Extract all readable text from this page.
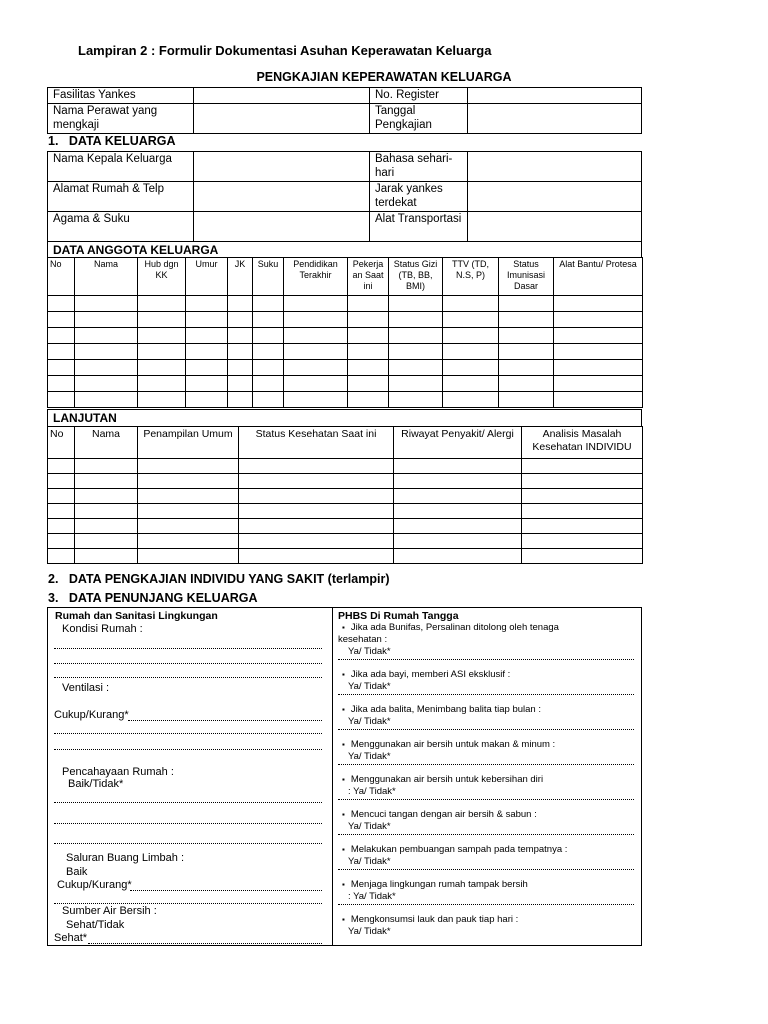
Lampiran 2 : Formulir Dokumentasi Asuhan Keperawatan Keluarga
PENGKAJIAN KEPERAWATAN KELUARGA
Fasilitas Yankes		No. Register	
Nama Perawat yang mengkaji		Tanggal Pengkajian	
1.   DATA KELUARGA
Nama Kepala Keluarga		Bahasa sehari-hari	
Alamat Rumah & Telp		Jarak yankes terdekat	
Agama & Suku		Alat Transportasi	
DATA ANGGOTA KELUARGA
No	Nama	Hub dgn KK	Umur	JK	Suku	Pendidikan Terakhir	Pekerja an Saat ini	Status Gizi (TB, BB, BMI)	TTV (TD, N.S, P)	Status Imunisasi Dasar	Alat Bantu/ Protesa

LANJUTAN
No	Nama	Penampilan Umum	Status Kesehatan Saat ini	Riwayat Penyakit/ Alergi	Analisis Masalah Kesehatan INDIVIDU

2.   DATA PENGKAJIAN INDIVIDU YANG SAKIT (terlampir)
3.   DATA PENUNJANG KELUARGA
Rumah dan Sanitasi Lingkungan
Kondisi Rumah :
Ventilasi :
Cukup/Kurang*
Pencahayaan Rumah :
Baik/Tidak*
Saluran Buang Limbah :
Baik
Cukup/Kurang*
Sumber Air Bersih :
Sehat/Tidak
Sehat*
PHBS Di Rumah Tangga
▪ Jika ada Bunifas, Persalinan ditolong oleh tenaga
kesehatan :
Ya/ Tidak*
▪ Jika ada bayi, memberi ASI eksklusif :
Ya/ Tidak*
▪ Jika ada balita, Menimbang balita tiap bulan :
Ya/ Tidak*
▪ Menggunakan air bersih untuk makan & minum :
Ya/ Tidak*
▪ Menggunakan air bersih untuk kebersihan diri
: Ya/ Tidak*
▪ Mencuci tangan dengan air bersih & sabun :
Ya/ Tidak*
▪ Melakukan pembuangan sampah pada tempatnya :
Ya/ Tidak*
▪ Menjaga lingkungan rumah tampak bersih
: Ya/ Tidak*
▪ Mengkonsumsi lauk dan pauk tiap hari :
Ya/ Tidak*
